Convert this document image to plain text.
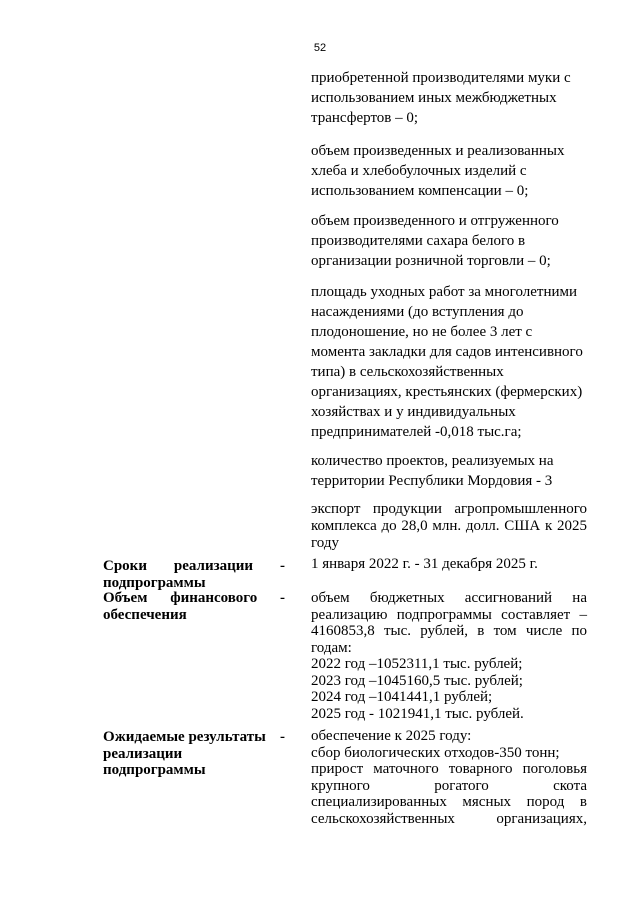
52

приобретенной производителями муки с использованием иных межбюджетных трансфертов – 0;

объем произведенных и реализованных хлеба и хлебобулочных изделий с использованием компенсации – 0;

объем произведенного и отгруженного производителями сахара белого в организации розничной торговли – 0;

площадь уходных работ за многолетними насаждениями (до вступления до плодоношение, но не более 3 лет с момента закладки для садов интенсивного типа) в сельскохозяйственных организациях, крестьянских (фермерских) хозяйствах и у индивидуальных предпринимателей -0,018 тыс.га;

количество проектов, реализуемых на территории Республики Мордовия - 3

экспорт продукции агропромышленного комплекса до 28,0 млн. долл. США к 2025 году

Сроки реализации -
подпрограммы
1 января 2022 г. - 31 декабря 2025 г.
Объем финансового -
обеспечения
объем бюджетных ассигнований на
реализацию подпрограммы составляет –
4160853,8 тыс. рублей, в том числе по
годам:
2022 год –1052311,1 тыс. рублей;
2023 год –1045160,5 тыс. рублей;
2024 год –1041441,1 рублей;
2025 год - 1021941,1 тыс. рублей.
Ожидаемые результаты -
реализации
подпрограммы
обеспечение к 2025 году:
сбор биологических отходов-350 тонн;
прирост маточного товарного поголовья
крупного рогатого скота
специализированных мясных пород в
сельскохозяйственных организациях,
